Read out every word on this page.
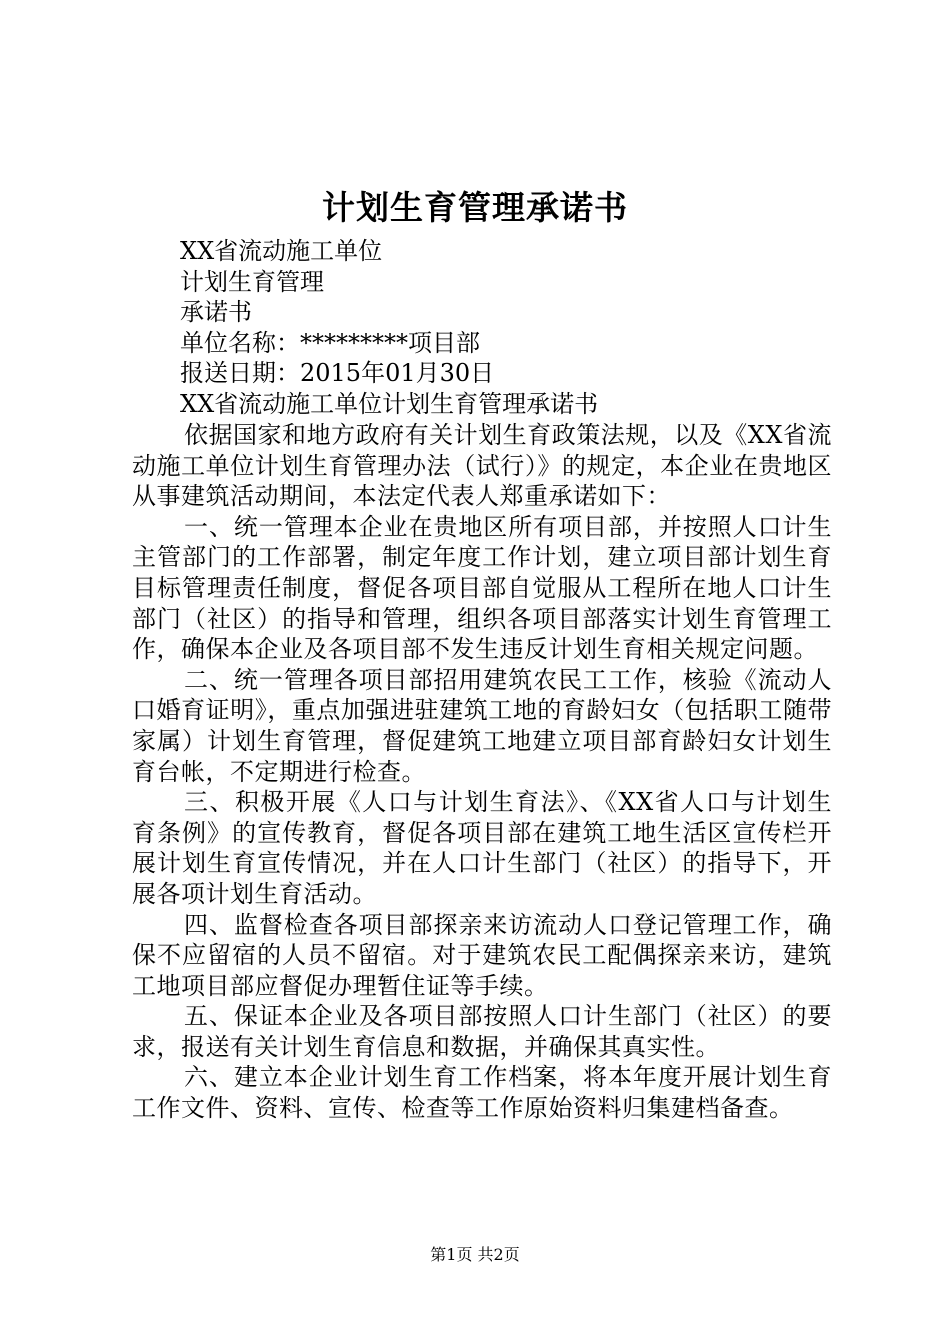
计划生育管理承诺书
XX省流动施工单位
计划生育管理
承诺书
单位名称：*********项目部
报送日期：2015年01月30日
XX省流动施工单位计划生育管理承诺书

依据国家和地方政府有关计划生育政策法规，以及《XX省流动施工单位计划生育管理办法（试行）》的规定，本企业在贵地区从事建筑活动期间，本法定代表人郑重承诺如下：

一、统一管理本企业在贵地区所有项目部，并按照人口计生主管部门的工作部署，制定年度工作计划，建立项目部计划生育目标管理责任制度，督促各项目部自觉服从工程所在地人口计生部门（社区）的指导和管理，组织各项目部落实计划生育管理工作，确保本企业及各项目部不发生违反计划生育相关规定问题。

二、统一管理各项目部招用建筑农民工工作，核验《流动人口婚育证明》，重点加强进驻建筑工地的育龄妇女（包括职工随带家属）计划生育管理，督促建筑工地建立项目部育龄妇女计划生育台帐，不定期进行检查。

三、积极开展《人口与计划生育法》、《XX省人口与计划生育条例》的宣传教育，督促各项目部在建筑工地生活区宣传栏开展计划生育宣传情况，并在人口计生部门（社区）的指导下，开展各项计划生育活动。

四、监督检查各项目部探亲来访流动人口登记管理工作，确保不应留宿的人员不留宿。对于建筑农民工配偶探亲来访，建筑工地项目部应督促办理暂住证等手续。

五、保证本企业及各项目部按照人口计生部门（社区）的要求，报送有关计划生育信息和数据，并确保其真实性。

六、建立本企业计划生育工作档案，将本年度开展计划生育工作文件、资料、宣传、检查等工作原始资料归集建档备查。

第1页 共2页
